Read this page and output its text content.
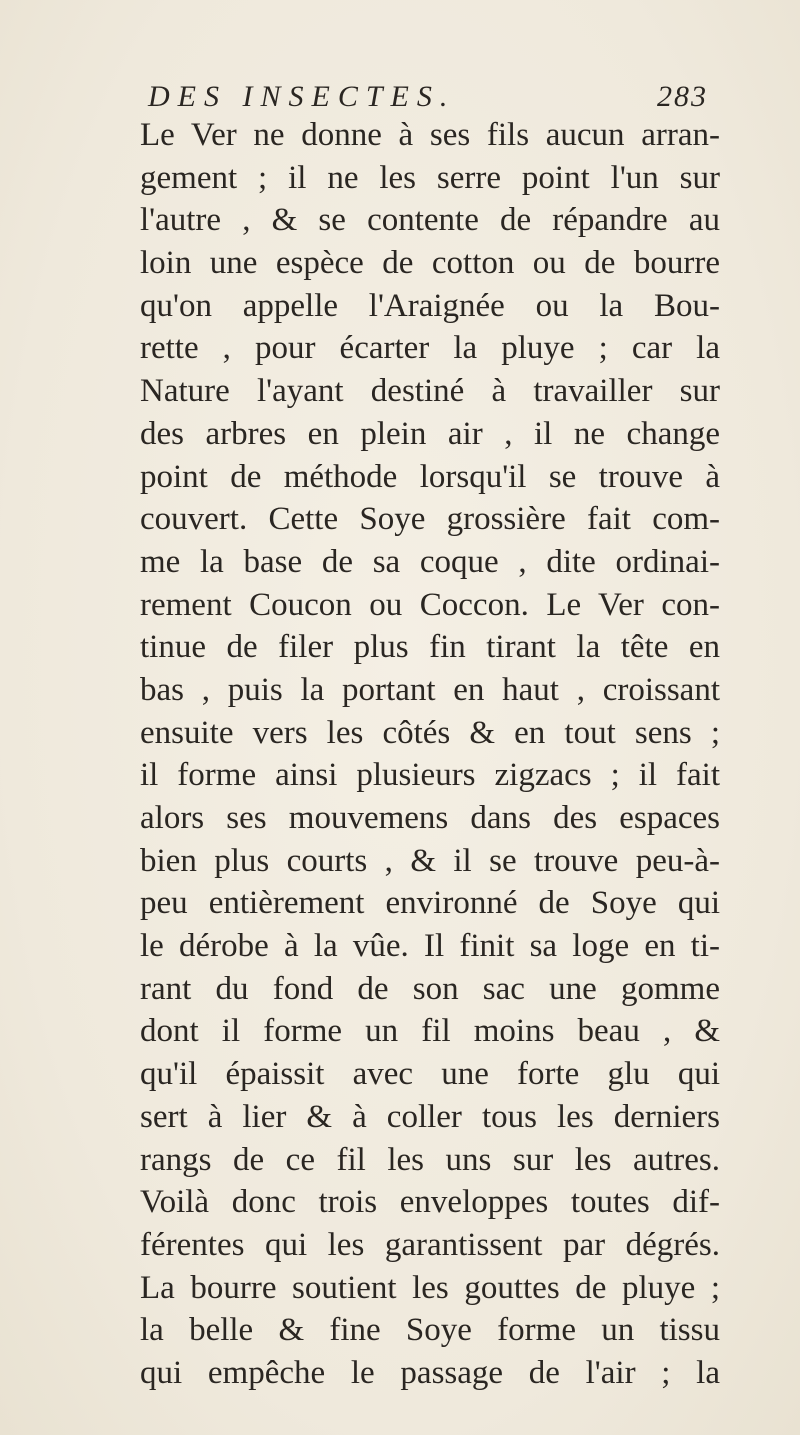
DES INSECTES.	283
Le Ver ne donne à ses fils aucun arran-
gement ; il ne les serre point l'un sur
l'autre , & se contente de répandre au
loin une espèce de cotton ou de bourre
qu'on appelle l'Araignée ou la Bou-
rette , pour écarter la pluye ; car la
Nature l'ayant destiné à travailler sur
des arbres en plein air , il ne change
point de méthode lorsqu'il se trouve à
couvert. Cette Soye grossière fait com-
me la base de sa coque , dite ordinai-
rement Coucon ou Coccon. Le Ver con-
tinue de filer plus fin tirant la tête en
bas , puis la portant en haut , croissant
ensuite vers les côtés & en tout sens ;
il forme ainsi plusieurs zigzacs ; il fait
alors ses mouvemens dans des espaces
bien plus courts , & il se trouve peu-à-
peu entièrement environné de Soye qui
le dérobe à la vûe. Il finit sa loge en ti-
rant du fond de son sac une gomme
dont il forme un fil moins beau , &
qu'il épaissit avec une forte glu qui
sert à lier & à coller tous les derniers
rangs de ce fil les uns sur les autres.
Voilà donc trois enveloppes toutes dif-
férentes qui les garantissent par dégrés.
La bourre soutient les gouttes de pluye ;
la belle & fine Soye forme un tissu
qui empêche le passage de l'air ; la
